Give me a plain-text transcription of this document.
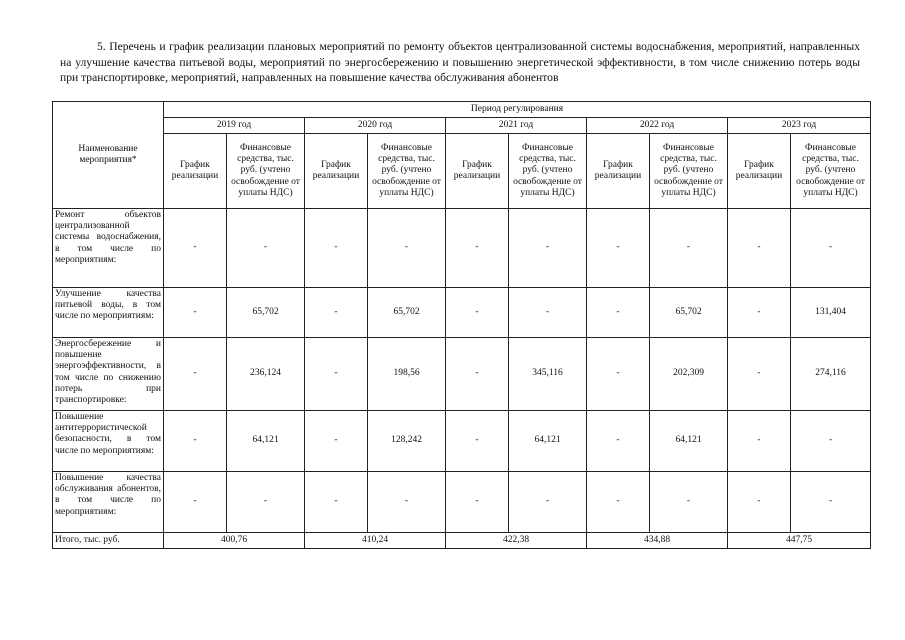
5. Перечень и график реализации плановых мероприятий по ремонту объектов централизованной системы водоснабжения, мероприятий, направленных на улучшение качества питьевой воды, мероприятий по энергосбережению и повышению энергетической эффективности, в том числе снижению потерь воды при транспортировке, мероприятий, направленных на повышение качества обслуживания абонентов

Наименование мероприятия*	Период регулирования									
	2019 год		2020 год		2021 год		2022 год		2023 год	
	График реализации	Финансовые средства, тыс. руб. (учтено освобождение от уплаты НДС)	График реализации	Финансовые средства, тыс. руб. (учтено освобождение от уплаты НДС)	График реализации	Финансовые средства, тыс. руб. (учтено освобождение от уплаты НДС)	График реализации	Финансовые средства, тыс. руб. (учтено освобождение от уплаты НДС)	График реализации	Финансовые средства, тыс. руб. (учтено освобождение от уплаты НДС)
Ремонт объектов централизованной системы водоснабжения, в том числе по мероприятиям:	-	-	-	-	-	-	-	-	-	-
Улучшение качества питьевой воды, в том числе по мероприятиям:	-	65,702	-	65,702	-	-	-	65,702	-	131,404
Энергосбережение и повышение энергоэффективности, в том числе по снижению потерь при транспортировке:	-	236,124	-	198,56	-	345,116	-	202,309	-	274,116
Повышение антитеррористической безопасности, в том числе по мероприятиям:	-	64,121	-	128,242	-	64,121	-	64,121	-	-
Повышение качества обслуживания абонентов, в том числе по мероприятиям:	-	-	-	-	-	-	-	-	-	-
Итого, тыс. руб.	400,76		410,24		422,38		434,88		447,75	
